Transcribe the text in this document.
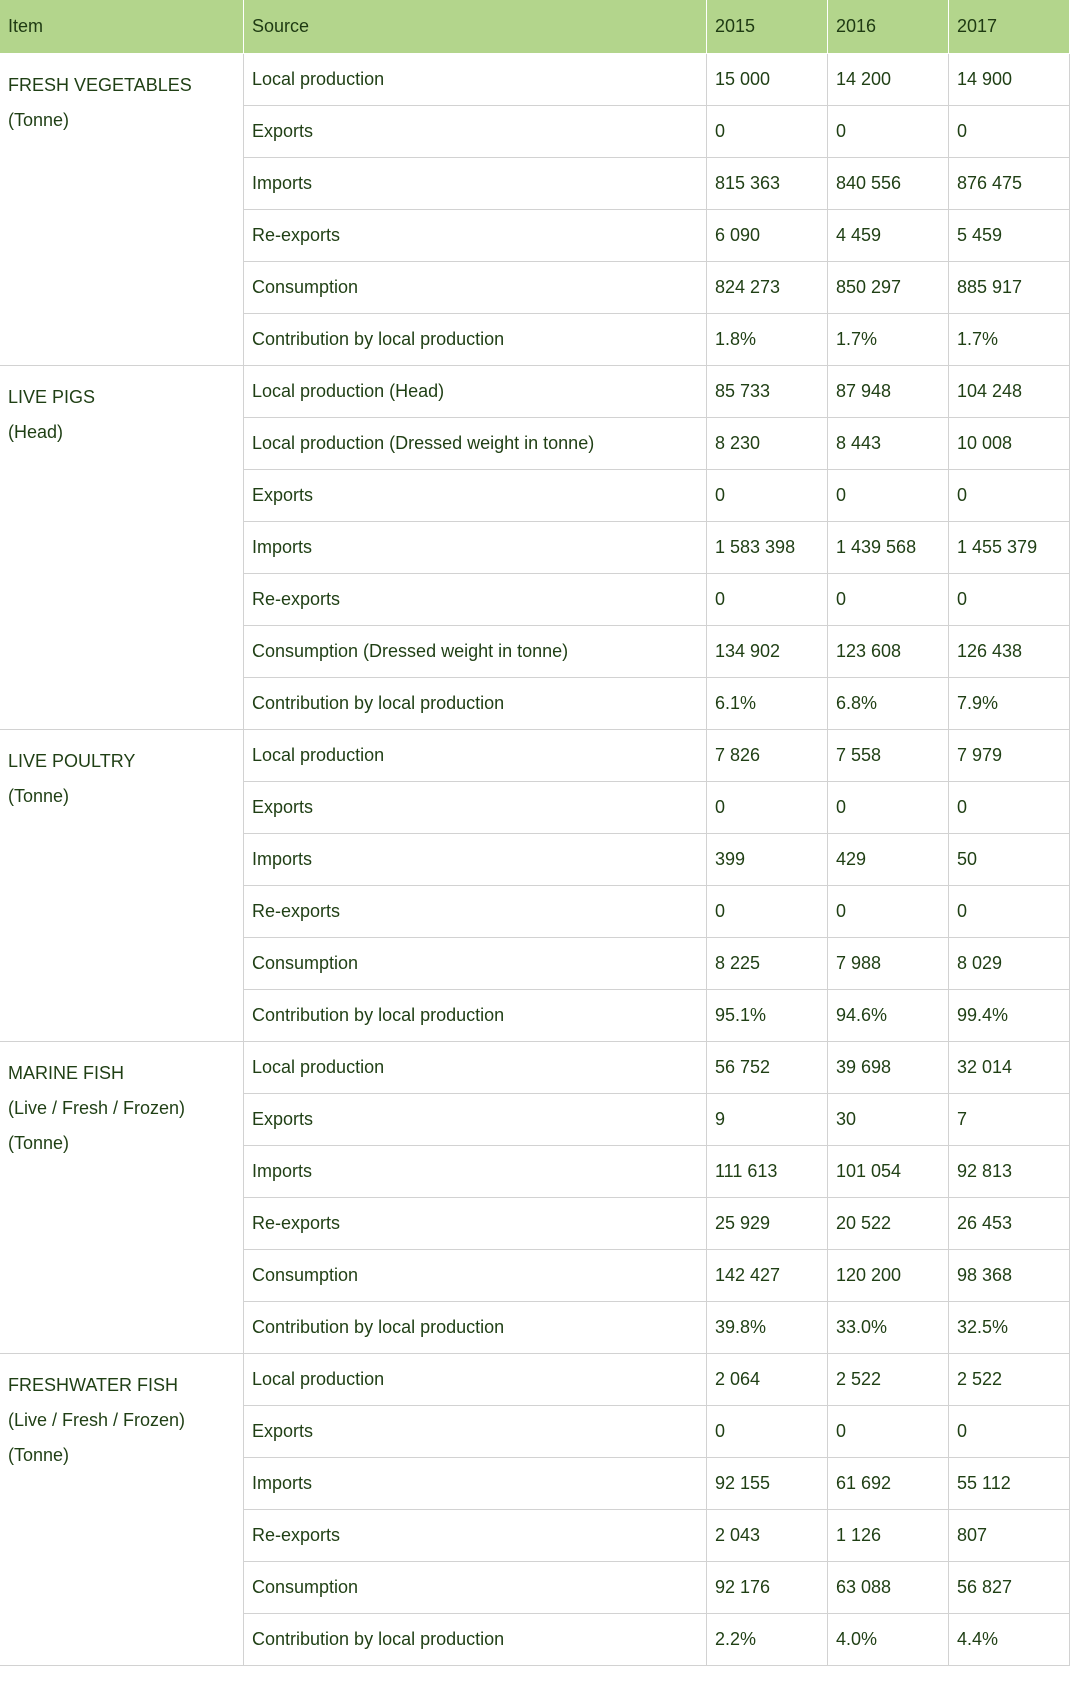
Item	Source	2015	2016	2017

FRESH VEGETABLES
(Tonne)	Local production	15 000	14 200	14 900
	Exports	0	0	0
	Imports	815 363	840 556	876 475
	Re-exports	6 090	4 459	5 459
	Consumption	824 273	850 297	885 917
	Contribution by local production	1.8%	1.7%	1.7%

LIVE PIGS
(Head)	Local production (Head)	85 733	87 948	104 248
	Local production (Dressed weight in tonne)	8 230	8 443	10 008
	Exports	0	0	0
	Imports	1 583 398	1 439 568	1 455 379
	Re-exports	0	0	0
	Consumption (Dressed weight in tonne)	134 902	123 608	126 438
	Contribution by local production	6.1%	6.8%	7.9%

LIVE POULTRY
(Tonne)	Local production	7 826	7 558	7 979
	Exports	0	0	0
	Imports	399	429	50
	Re-exports	0	0	0
	Consumption	8 225	7 988	8 029
	Contribution by local production	95.1%	94.6%	99.4%

MARINE FISH
(Live / Fresh / Frozen)
(Tonne)	Local production	56 752	39 698	32 014
	Exports	9	30	7
	Imports	111 613	101 054	92 813
	Re-exports	25 929	20 522	26 453
	Consumption	142 427	120 200	98 368
	Contribution by local production	39.8%	33.0%	32.5%

FRESHWATER FISH
(Live / Fresh / Frozen)
(Tonne)	Local production	2 064	2 522	2 522
	Exports	0	0	0
	Imports	92 155	61 692	55 112
	Re-exports	2 043	1 126	807
	Consumption	92 176	63 088	56 827
	Contribution by local production	2.2%	4.0%	4.4%
